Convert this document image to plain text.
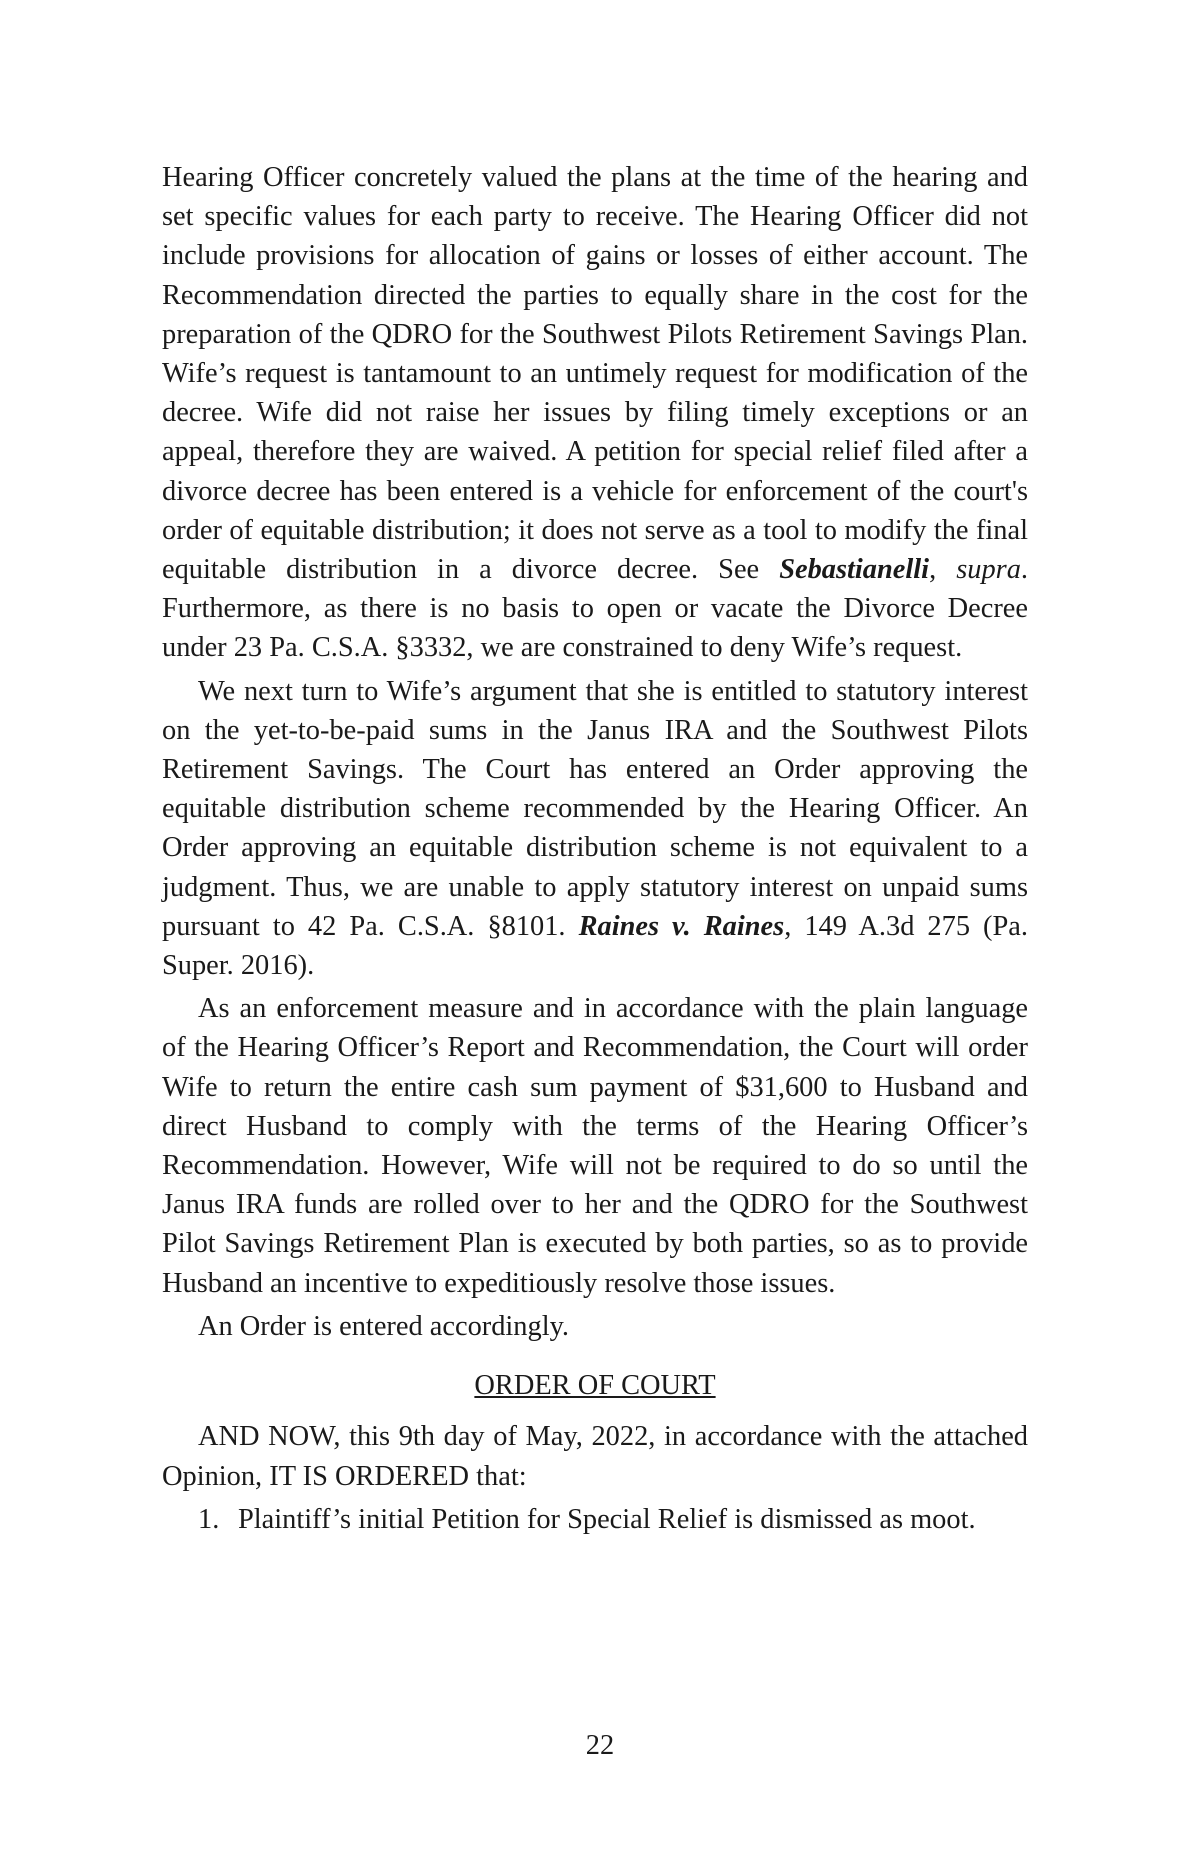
Hearing Officer concretely valued the plans at the time of the hearing and set specific values for each party to receive. The Hearing Officer did not include provisions for allocation of gains or losses of either account. The Recommendation directed the parties to equally share in the cost for the preparation of the QDRO for the Southwest Pilots Retirement Savings Plan. Wife’s request is tantamount to an untimely request for modification of the decree. Wife did not raise her issues by filing timely exceptions or an appeal, therefore they are waived. A petition for special relief filed after a divorce decree has been entered is a vehicle for enforcement of the court's order of equitable distribution; it does not serve as a tool to modify the final equitable distribution in a divorce decree. See Sebastianelli, supra. Furthermore, as there is no basis to open or vacate the Divorce Decree under 23 Pa. C.S.A. §3332, we are constrained to deny Wife’s request.

We next turn to Wife’s argument that she is entitled to statutory interest on the yet-to-be-paid sums in the Janus IRA and the Southwest Pilots Retirement Savings. The Court has entered an Order approving the equitable distribution scheme recommended by the Hearing Officer. An Order approving an equitable distribution scheme is not equivalent to a judgment. Thus, we are unable to apply statutory interest on unpaid sums pursuant to 42 Pa. C.S.A. §8101. Raines v. Raines, 149 A.3d 275 (Pa. Super. 2016).

As an enforcement measure and in accordance with the plain language of the Hearing Officer’s Report and Recommendation, the Court will order Wife to return the entire cash sum payment of $31,600 to Husband and direct Husband to comply with the terms of the Hearing Officer’s Recommendation. However, Wife will not be required to do so until the Janus IRA funds are rolled over to her and the QDRO for the Southwest Pilot Savings Retirement Plan is executed by both parties, so as to provide Husband an incentive to expeditiously resolve those issues.

An Order is entered accordingly.

ORDER OF COURT

AND NOW, this 9th day of May, 2022, in accordance with the attached Opinion, IT IS ORDERED that:

1. Plaintiff’s initial Petition for Special Relief is dismissed as moot.
22
